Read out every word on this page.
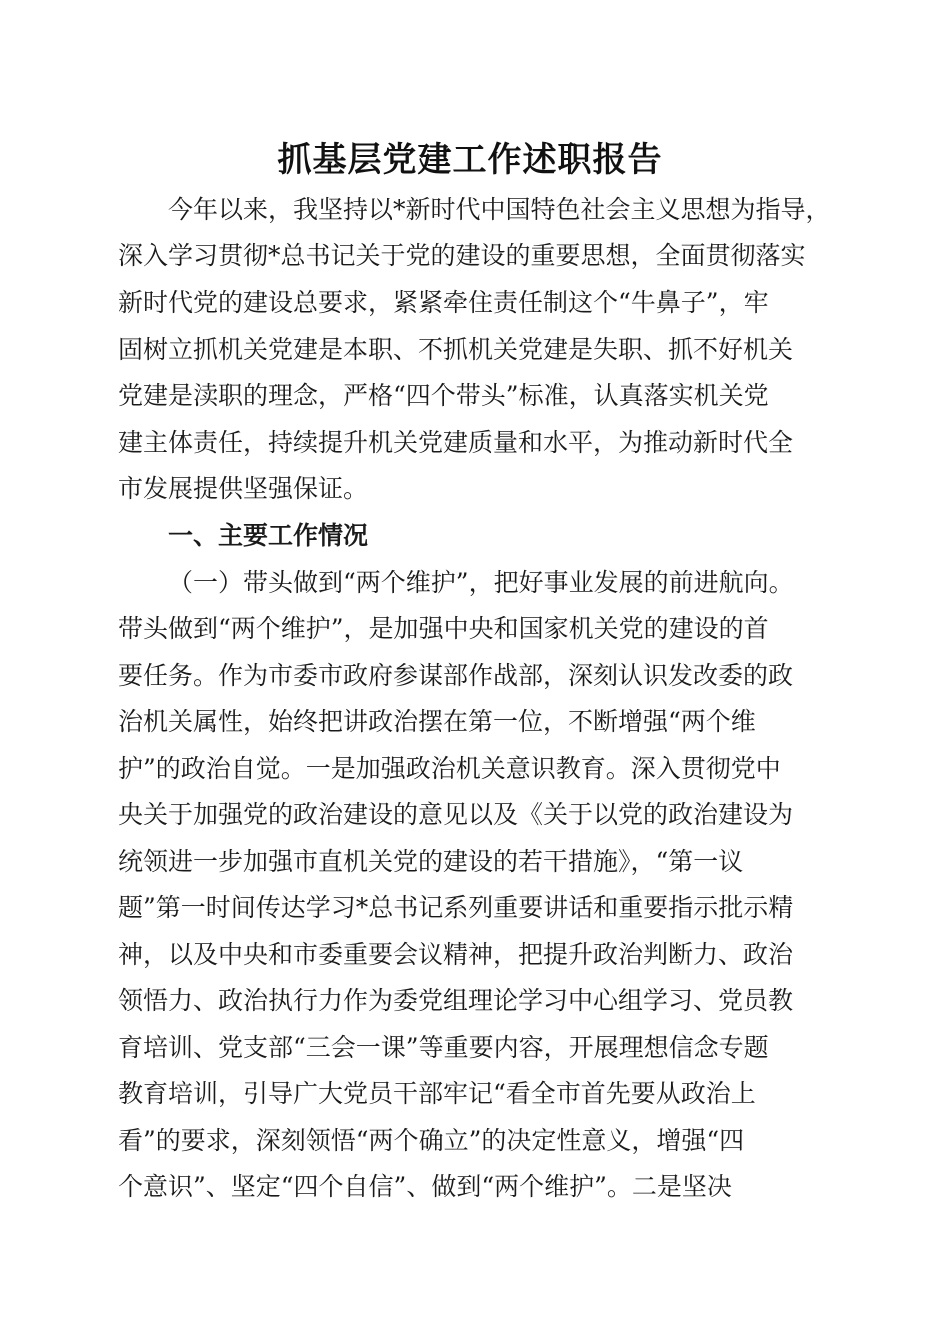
抓基层党建工作述职报告
今年以来，我坚持以*新时代中国特色社会主义思想为指导，
深入学习贯彻*总书记关于党的建设的重要思想，全面贯彻落实
新时代党的建设总要求，紧紧牵住责任制这个“牛鼻子”，牢
固树立抓机关党建是本职、不抓机关党建是失职、抓不好机关
党建是渎职的理念，严格“四个带头”标准，认真落实机关党
建主体责任，持续提升机关党建质量和水平，为推动新时代全
市发展提供坚强保证。
一、主要工作情况
（一）带头做到“两个维护”，把好事业发展的前进航向。
带头做到“两个维护”，是加强中央和国家机关党的建设的首
要任务。作为市委市政府参谋部作战部，深刻认识发改委的政
治机关属性，始终把讲政治摆在第一位，不断增强“两个维
护”的政治自觉。一是加强政治机关意识教育。深入贯彻党中
央关于加强党的政治建设的意见以及《关于以党的政治建设为
统领进一步加强市直机关党的建设的若干措施》，“第一议
题”第一时间传达学习*总书记系列重要讲话和重要指示批示精
神，以及中央和市委重要会议精神，把提升政治判断力、政治
领悟力、政治执行力作为委党组理论学习中心组学习、党员教
育培训、党支部“三会一课”等重要内容，开展理想信念专题
教育培训，引导广大党员干部牢记“看全市首先要从政治上
看”的要求，深刻领悟“两个确立”的决定性意义，增强“四
个意识”、坚定“四个自信”、做到“两个维护”。二是坚决
